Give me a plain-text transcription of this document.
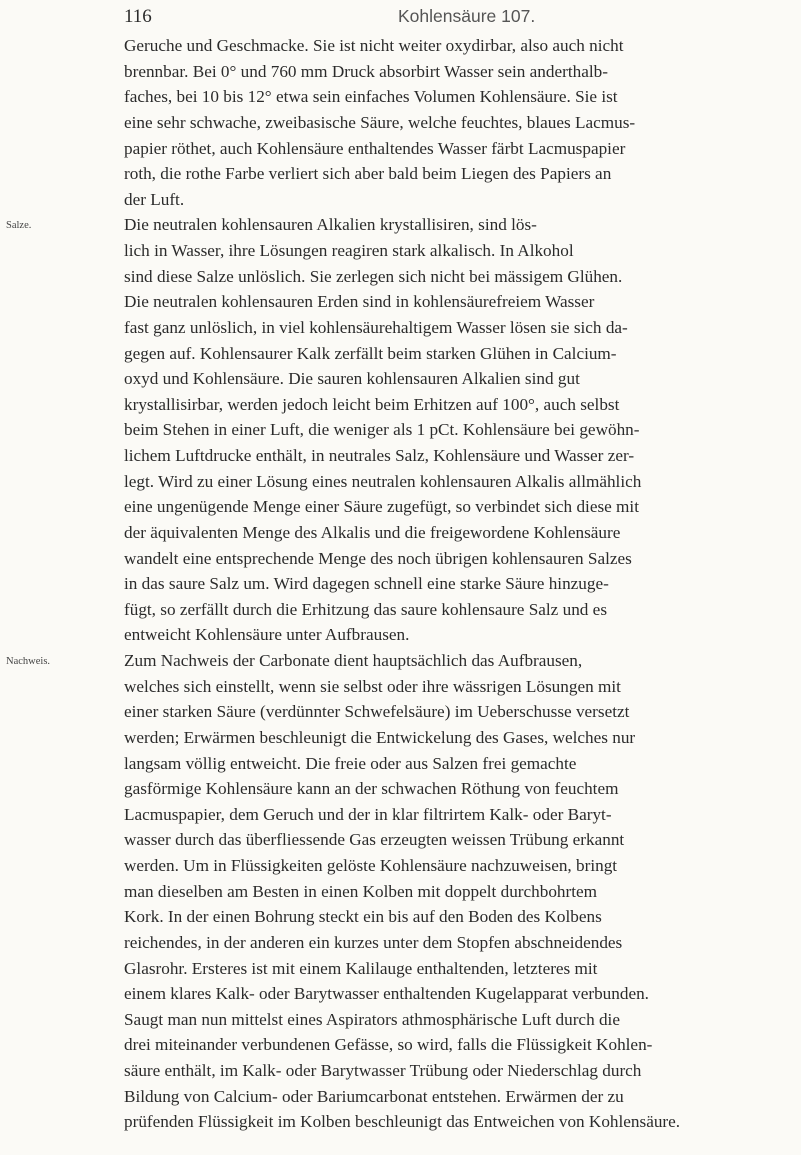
116	Kohlensäure 107.
Geruche und Geschmacke. Sie ist nicht weiter oxydirbar, also auch nicht
brennbar. Bei 0° und 760 mm Druck absorbirt Wasser sein anderthalb-
faches, bei 10 bis 12° etwa sein einfaches Volumen Kohlensäure. Sie ist
eine sehr schwache, zweibasische Säure, welche feuchtes, blaues Lacmus-
papier röthet, auch Kohlensäure enthaltendes Wasser färbt Lacmuspapier
roth, die rothe Farbe verliert sich aber bald beim Liegen des Papiers an
der Luft.
Salze.	Die neutralen kohlensauren Alkalien krystallisiren, sind lös-
lich in Wasser, ihre Lösungen reagiren stark alkalisch. In Alkohol
sind diese Salze unlöslich. Sie zerlegen sich nicht bei mässigem Glühen.
Die neutralen kohlensauren Erden sind in kohlensäurefreiem Wasser
fast ganz unlöslich, in viel kohlensäurehaltigem Wasser lösen sie sich da-
gegen auf. Kohlensaurer Kalk zerfällt beim starken Glühen in Calcium-
oxyd und Kohlensäure. Die sauren kohlensauren Alkalien sind gut
krystallisirbar, werden jedoch leicht beim Erhitzen auf 100°, auch selbst
beim Stehen in einer Luft, die weniger als 1 pCt. Kohlensäure bei gewöhn-
lichem Luftdrucke enthält, in neutrales Salz, Kohlensäure und Wasser zer-
legt. Wird zu einer Lösung eines neutralen kohlensauren Alkalis allmählich
eine ungenügende Menge einer Säure zugefügt, so verbindet sich diese mit
der äquivalenten Menge des Alkalis und die freigewordene Kohlensäure
wandelt eine entsprechende Menge des noch übrigen kohlensauren Salzes
in das saure Salz um. Wird dagegen schnell eine starke Säure hinzuge-
fügt, so zerfällt durch die Erhitzung das saure kohlensaure Salz und es
entweicht Kohlensäure unter Aufbrausen.
Nachweis.	Zum Nachweis der Carbonate dient hauptsächlich das Aufbrausen,
welches sich einstellt, wenn sie selbst oder ihre wässrigen Lösungen mit
einer starken Säure (verdünnter Schwefelsäure) im Ueberschusse versetzt
werden; Erwärmen beschleunigt die Entwickelung des Gases, welches nur
langsam völlig entweicht. Die freie oder aus Salzen frei gemachte
gasförmige Kohlensäure kann an der schwachen Röthung von feuchtem
Lacmuspapier, dem Geruch und der in klar filtrirtem Kalk- oder Baryt-
wasser durch das überfliessende Gas erzeugten weissen Trübung erkannt
werden. Um in Flüssigkeiten gelöste Kohlensäure nachzuweisen, bringt
man dieselben am Besten in einen Kolben mit doppelt durchbohrtem
Kork. In der einen Bohrung steckt ein bis auf den Boden des Kolbens
reichendes, in der anderen ein kurzes unter dem Stopfen abschneidendes
Glasrohr. Ersteres ist mit einem Kalilauge enthaltenden, letzteres mit
einem klares Kalk- oder Barytwasser enthaltenden Kugelapparat verbunden.
Saugt man nun mittelst eines Aspirators athmosphärische Luft durch die
drei miteinander verbundenen Gefässe, so wird, falls die Flüssigkeit Kohlen-
säure enthält, im Kalk- oder Barytwasser Trübung oder Niederschlag durch
Bildung von Calcium- oder Bariumcarbonat entstehen. Erwärmen der zu
prüfenden Flüssigkeit im Kolben beschleunigt das Entweichen von Kohlensäure.
